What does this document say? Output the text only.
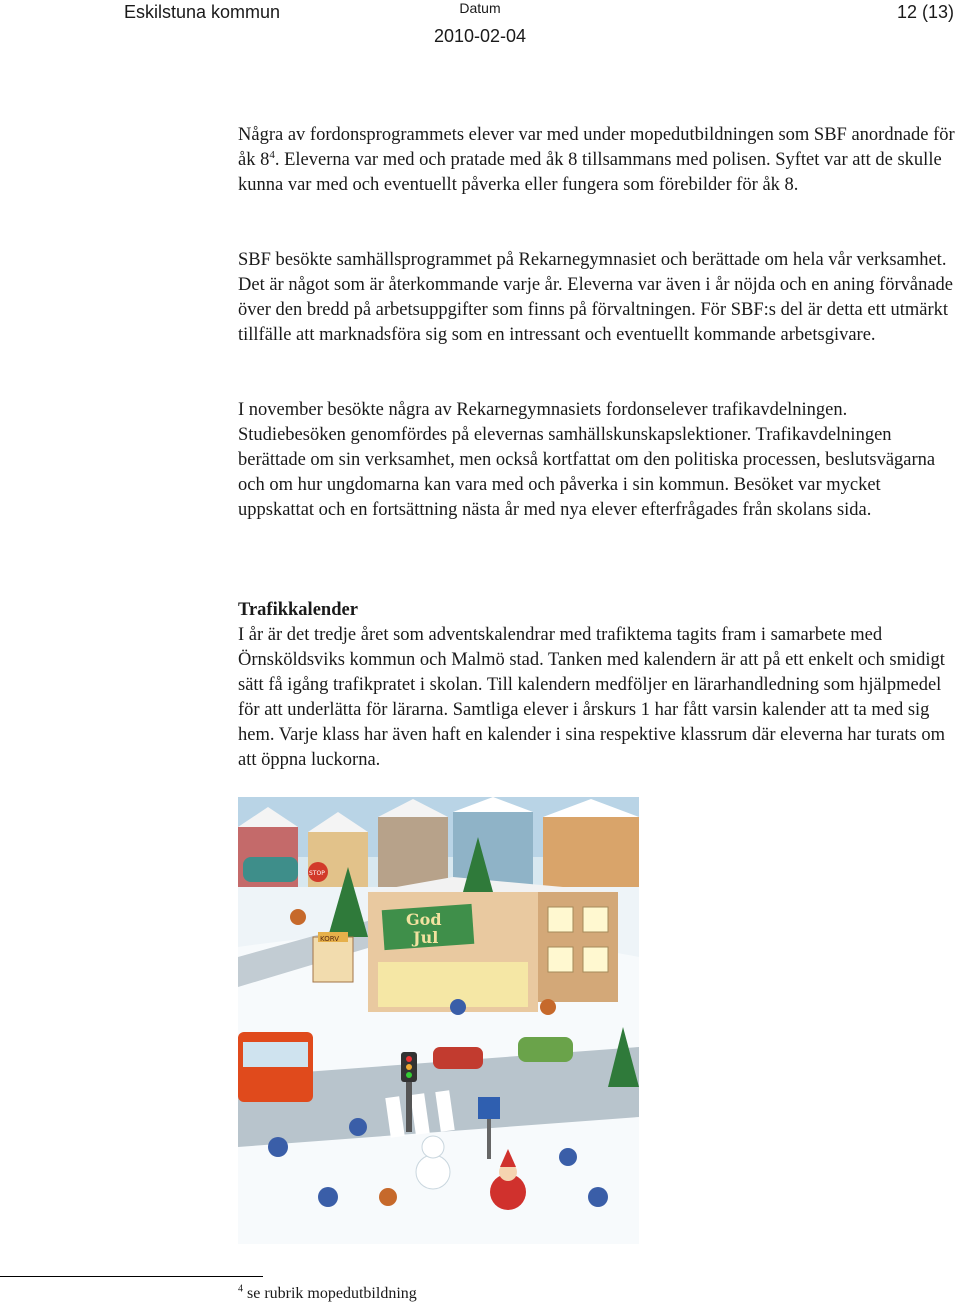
Eskilstuna kommun	Datum
2010-02-04
12 (13)

Några av fordonsprogrammets elever var med under mopedutbildningen som SBF anordnade för åk $8^4$. Eleverna var med och pratade med åk 8 tillsammans med polisen. Syftet var att de skulle kunna var med och eventuellt påverka eller fungera som förebilder för åk 8.

SBF besökte samhällsprogrammet på Rekarnegymnasiet och berättade om hela vår verksamhet. Det är något som är återkommande varje år. Eleverna var även i år nöjda och en aning förvånade över den bredd på arbetsuppgifter som finns på förvaltningen. För SBF:s del är detta ett utmärkt tillfälle att marknadsföra sig som en intressant och eventuellt kommande arbetsgivare.

I november besökte några av Rekarnegymnasiets fordonselever trafikavdelningen. Studiebesöken genomfördes på elevernas samhällskunskapslektioner. Trafikavdelningen berättade om sin verksamhet, men också kortfattat om den politiska processen, beslutsvägarna och om hur ungdomarna kan vara med och påverka i sin kommun. Besöket var mycket uppskattat och en fortsättning nästa år med nya elever efterfrågades från skolans sida.

Trafikkalender

I år är det tredje året som adventskalendrar med trafiktema tagits fram i samarbete med Örnsköldsviks kommun och Malmö stad. Tanken med kalendern är att på ett enkelt och smidigt sätt få igång trafikpratet i skolan. Till kalendern medföljer en lärarhandledning som hjälpmedel för att underlätta för lärarna. Samtliga elever i årskurs 1 har fått varsin kalender att ta med sig hem. Varje klass har även haft en kalender i sina respektive klassrum där eleverna har turats om att öppna luckorna.

God
Jul
KORV
STOP
$^4$ se rubrik mopedutbildning
